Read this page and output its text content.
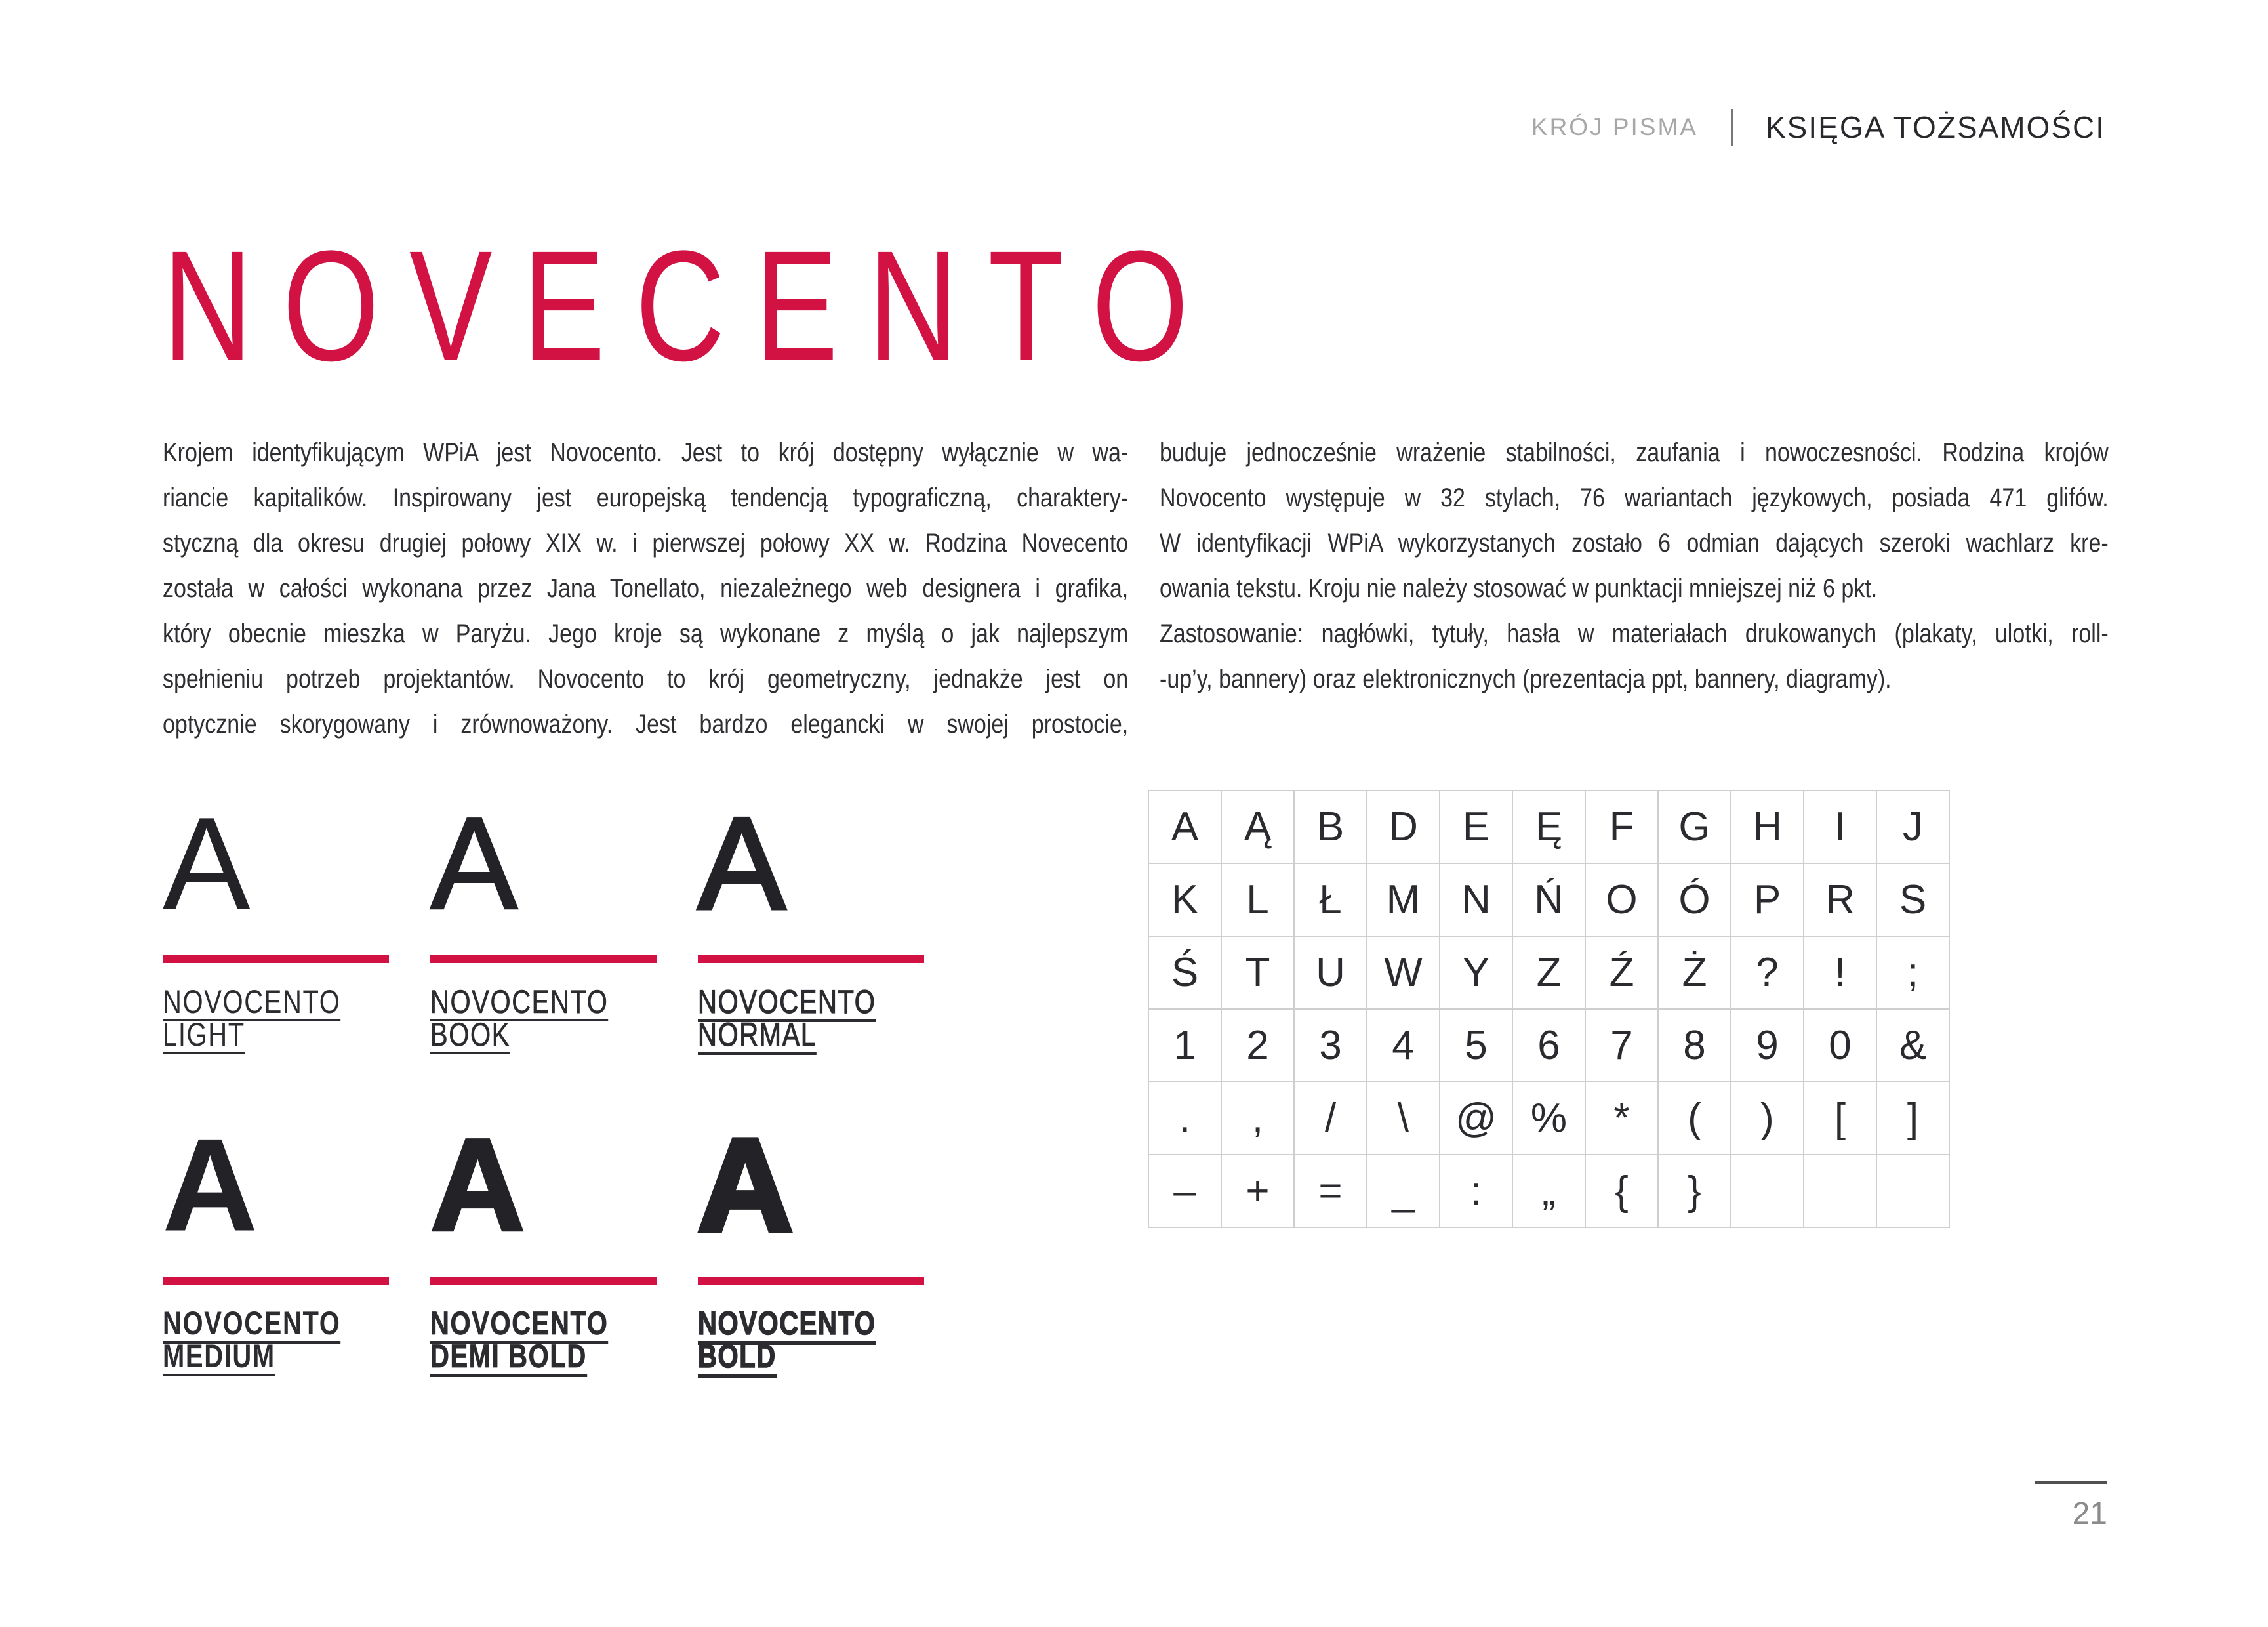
KRÓJ PISMA KSIĘGA TOŻSAMOŚCI
NOVECENTO
Krojem identyfikującym WPiA jest Novocento. Jest to krój dostępny wyłącznie w wa-
riancie kapitalików. Inspirowany jest europejską tendencją typograficzną, charaktery-
styczną dla okresu drugiej połowy XIX w. i pierwszej połowy XX w. Rodzina Novecento
została w całości wykonana przez Jana Tonellato, niezależnego web designera i grafika,
który obecnie mieszka w Paryżu. Jego kroje są wykonane z myślą o jak najlepszym
spełnieniu potrzeb projektantów. Novocento to krój geometryczny, jednakże jest on
optycznie skorygowany i zrównoważony. Jest bardzo elegancki w swojej prostocie,
buduje jednocześnie wrażenie stabilności, zaufania i nowoczesności. Rodzina krojów
Novocento występuje w 32 stylach, 76 wariantach językowych, posiada 471 glifów.
W identyfikacji WPiA wykorzystanych zostało 6 odmian dających szeroki wachlarz kre-
owania tekstu. Kroju nie należy stosować w punktacji mniejszej niż 6 pkt.
Zastosowanie: nagłówki, tytuły, hasła w materiałach drukowanych (plakaty, ulotki, roll-
-up’y, bannery) oraz elektronicznych (prezentacja ppt, bannery, diagramy).
A
NOVOCENTO
LIGHT
A
NOVOCENTO
BOOK
A
NOVOCENTO
NORMAL
A
NOVOCENTO
MEDIUM
A
NOVOCENTO
DEMI BOLD
A
NOVOCENTO
BOLD
A	Ą	B	D	E	Ę	F	G	H	I	J
K	L	Ł	M	N	Ń	O	Ó	P	R	S
Ś	T	U	W	Y	Z	Ź	Ż	?	!	;
1	2	3	4	5	6	7	8	9	0	&
.	,	/	\	@	%	*	(	)	[	]
–	+	=	_	:	„	{	}			
21
